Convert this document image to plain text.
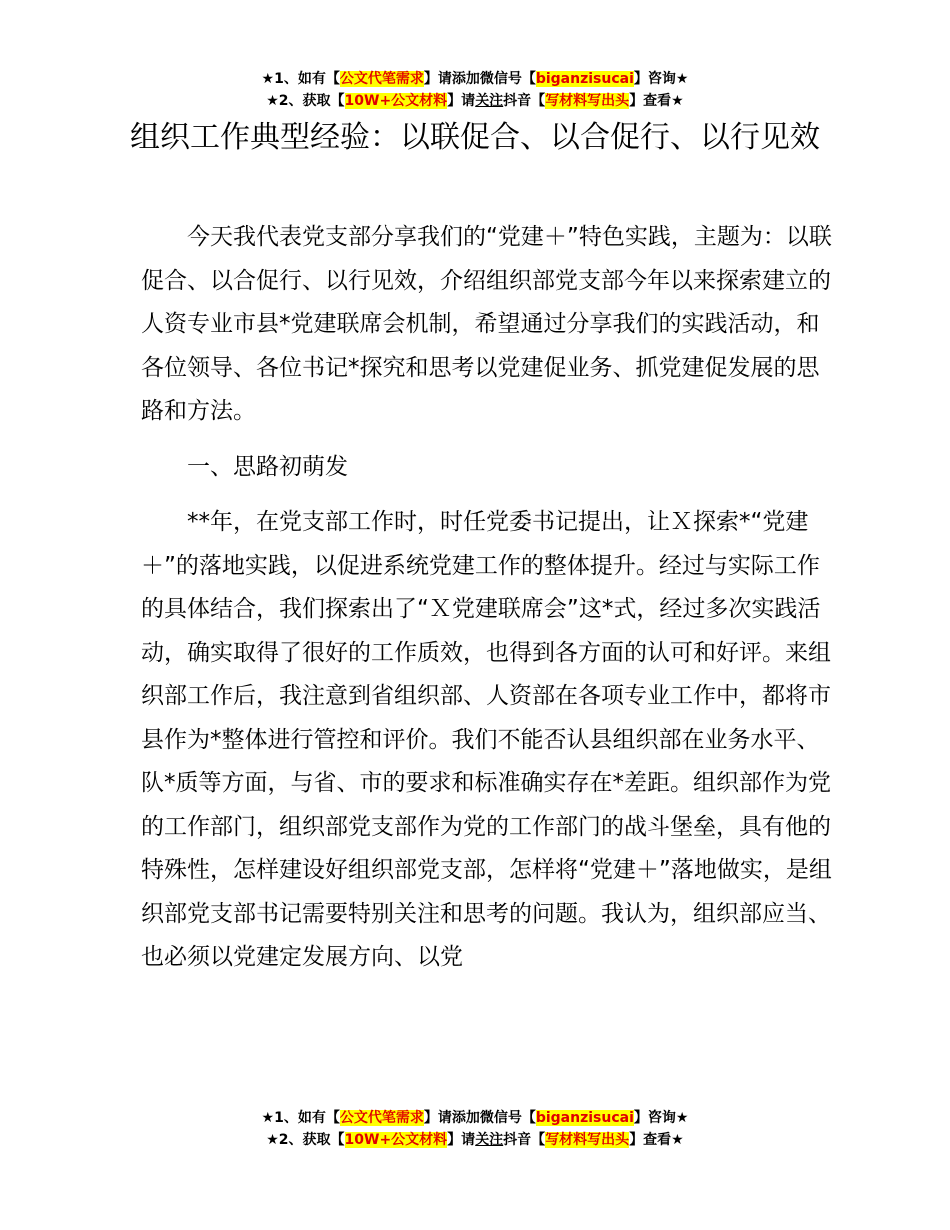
★1、如有【公文代笔需求】请添加微信号【biganzisucai】咨询★
★2、获取【10W+公文材料】请关注抖音【写材料写出头】查看★
组织工作典型经验：以联促合、以合促行、以行见效

今天我代表党支部分享我们的“党建＋”特色实践，主题为：以联促合、以合促行、以行见效，介绍组织部党支部今年以来探索建立的人资专业市县*党建联席会机制，希望通过分享我们的实践活动，和各位领导、各位书记*探究和思考以党建促业务、抓党建促发展的思路和方法。

一、思路初萌发

**年，在党支部工作时，时任党委书记提出，让Ｘ探索*“党建＋”的落地实践，以促进系统党建工作的整体提升。经过与实际工作的具体结合，我们探索出了“Ｘ党建联席会”这*式，经过多次实践活动，确实取得了很好的工作质效，也得到各方面的认可和好评。来组织部工作后，我注意到省组织部、人资部在各项专业工作中，都将市县作为*整体进行管控和评价。我们不能否认县组织部在业务水平、队*质等方面，与省、市的要求和标准确实存在*差距。组织部作为党的工作部门，组织部党支部作为党的工作部门的战斗堡垒，具有他的特殊性，怎样建设好组织部党支部，怎样将“党建＋”落地做实，是组织部党支部书记需要特别关注和思考的问题。我认为，组织部应当、也必须以党建定发展方向、以党

★1、如有【公文代笔需求】请添加微信号【biganzisucai】咨询★
★2、获取【10W+公文材料】请关注抖音【写材料写出头】查看★
